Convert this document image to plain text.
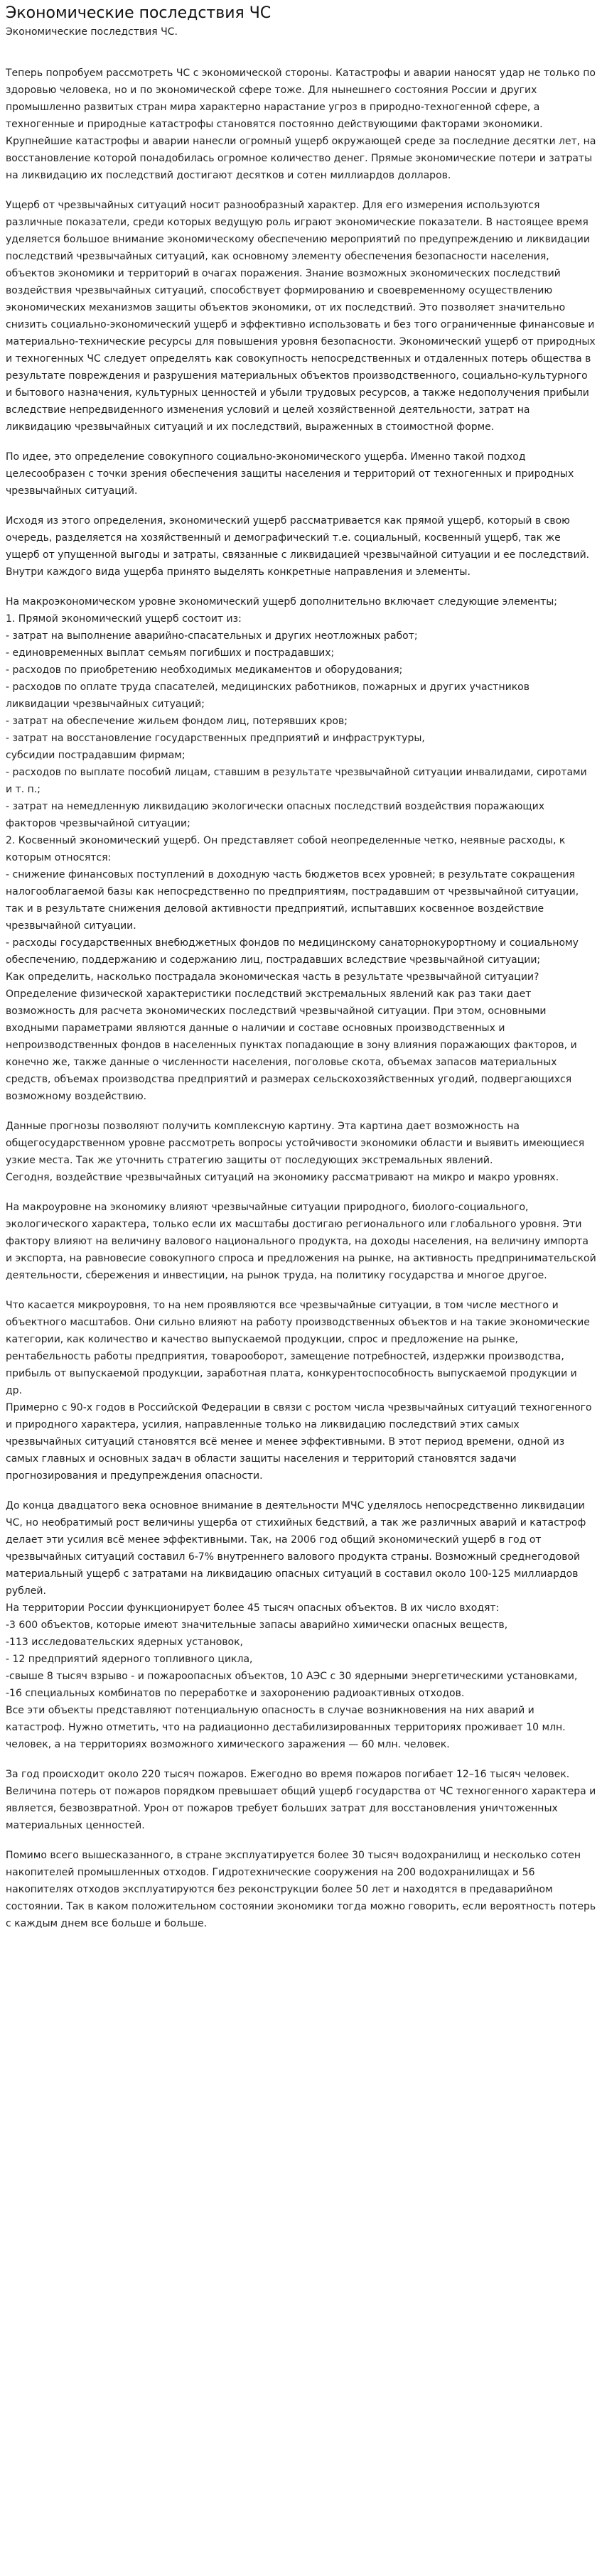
Экономические последствия ЧС
Экономические последствия ЧС.

Теперь попробуем рассмотреть ЧС с экономической стороны. Катастрофы и аварии наносят удар не только по здоровью человека, но и по экономической сфере тоже. Для нынешнего состояния России и других промышленно развитых стран мира характерно нарастание угроз в природно-техногенной сфере, а техногенные и природные катастрофы становятся постоянно действующими факторами экономики. Крупнейшие катастрофы и аварии нанесли огромный ущерб окружающей среде за последние десятки лет, на восстановление которой понадобилась огромное количество денег. Прямые экономические потери и затраты на ликвидацию их последствий достигают десятков и сотен миллиардов долларов.

Ущерб от чрезвычайных ситуаций носит разнообразный характер. Для его измерения используются различные показатели, среди которых ведущую роль играют экономические показатели. В настоящее время уделяется большое внимание экономическому обеспечению мероприятий по предупреждению и ликвидации последствий чрезвычайных ситуаций, как основному элементу обеспечения безопасности населения, объектов экономики и территорий в очагах поражения. Знание возможных экономических последствий воздействия чрезвычайных ситуаций, способствует формированию и своевременному осуществлению экономических механизмов защиты объектов экономики, от их последствий. Это позволяет значительно снизить социально-экономический ущерб и эффективно использовать и без того ограниченные финансовые и материально-технические ресурсы для повышения уровня безопасности. Экономический ущерб от природных и техногенных ЧС следует определять как совокупность непосредственных и отдаленных потерь общества в результате повреждения и разрушения материальных объектов производственного, социально-культурного и бытового назначения, культурных ценностей и убыли трудовых ресурсов, а также недополучения прибыли вследствие непредвиденного изменения условий и целей хозяйственной деятельности, затрат на ликвидацию чрезвычайных ситуаций и их последствий, выраженных в стоимостной форме.

По идее, это определение совокупного социально-экономического ущерба. Именно такой подход целесообразен с точки зрения обеспечения защиты населения и территорий от техногенных и природных чрезвычайных ситуаций.

Исходя из этого определения, экономический ущерб рассматривается как прямой ущерб, который в свою очередь, разделяется на хозяйственный и демографический т.е. социальный, косвенный ущерб, так же ущерб от упущенной выгоды и затраты, связанные с ликвидацией чрезвычайной ситуации и ее последствий. Внутри каждого вида ущерба принято выделять конкретные направления и элементы.

На макроэкономическом уровне экономический ущерб дополнительно включает следующие элементы;
1. Прямой экономический ущерб состоит из:
- затрат на выполнение аварийно-спасательных и других неотложных работ;
- единовременных выплат семьям погибших и пострадавших;
- расходов по приобретению необходимых медикаментов и оборудования;
- расходов по оплате труда спасателей, медицинских работников, пожарных и других участников ликвидации чрезвычайных ситуаций;
- затрат на обеспечение жильем фондом лиц, потерявших кров;
- затрат на восстановление государственных предприятий и инфраструктуры,
субсидии пострадавшим фирмам;
- расходов по выплате пособий лицам, ставшим в результате чрезвычайной ситуации инвалидами, сиротами и т. п.;
- затрат на немедленную ликвидацию экологически опасных последствий воздействия поражающих факторов чрезвычайной ситуации;
2. Косвенный экономический ущерб. Он представляет собой неопределенные четко, неявные расходы, к которым относятся:
- снижение финансовых поступлений в доходную часть бюджетов всех уровней; в результате сокращения налогооблагаемой базы как непосредственно по предприятиям, пострадавшим от чрезвычайной ситуации, так и в результате снижения деловой активности предприятий, испытавших косвенное воздействие чрезвычайной ситуации.
- расходы государственных внебюджетных фондов по медицинскому санаторнокурортному и социальному обеспечению, поддержанию и содержанию лиц, пострадавших вследствие чрезвычайной ситуации;
Как определить, насколько пострадала экономическая часть в результате чрезвычайной ситуации? Определение физической характеристики последствий экстремальных явлений как раз таки дает возможность для расчета экономических последствий чрезвычайной ситуации. При этом, основными входными параметрами являются данные о наличии и составе основных производственных и непроизводственных фондов в населенных пунктах попадающие в зону влияния поражающих факторов, и конечно же, также данные о численности населения, поголовье скота, объемах запасов материальных средств, объемах производства предприятий и размерах сельскохозяйственных угодий, подвергающихся возможному воздействию.

Данные прогнозы позволяют получить комплексную картину. Эта картина дает возможность на общегосударственном уровне рассмотреть вопросы устойчивости экономики области и выявить имеющиеся узкие места. Так же уточнить стратегию защиты от последующих экстремальных явлений.
Сегодня, воздействие чрезвычайных ситуаций на экономику рассматривают на микро и макро уровнях.

На макроуровне на экономику влияют чрезвычайные ситуации природного, биолого-социального, экологического характера, только если их масштабы достигаю регионального или глобального уровня. Эти фактору влияют на величину валового национального продукта, на доходы населения, на величину импорта и экспорта, на равновесие совокупного спроса и предложения на рынке, на активность предпринимательской деятельности, сбережения и инвестиции, на рынок труда, на политику государства и многое другое.

Что касается микроуровня, то на нем проявляются все чрезвычайные ситуации, в том числе местного и объектного масштабов. Они сильно влияют на работу производственных объектов и на такие экономические категории, как количество и качество выпускаемой продукции, спрос и предложение на рынке, рентабельность работы предприятия, товарооборот, замещение потребностей, издержки производства, прибыль от выпускаемой продукции, заработная плата, конкурентоспособность выпускаемой продукции и др.
Примерно с 90-х годов в Российской Федерации в связи с ростом числа чрезвычайных ситуаций техногенного и природного характера, усилия, направленные только на ликвидацию последствий этих самых чрезвычайных ситуаций становятся всё менее и менее эффективными. В этот период времени, одной из самых главных и основных задач в области защиты населения и территорий становятся задачи прогнозирования и предупреждения опасности.

До конца двадцатого века основное внимание в деятельности МЧС уделялось непосредственно ликвидации ЧС, но необратимый рост величины ущерба от стихийных бедствий, а так же различных аварий и катастроф делает эти усилия всё менее эффективными. Так, на 2006 год общий экономический ущерб в год от чрезвычайных ситуаций составил 6-7% внутреннего валового продукта страны. Возможный среднегодовой материальный ущерб с затратами на ликвидацию опасных ситуаций в составил около 100-125 миллиардов рублей.
На территории России функционирует более 45 тысяч опасных объектов. В их число входят:
-3 600 объектов, которые имеют значительные запасы аварийно химически опасных веществ,
-113 исследовательских ядерных установок,
- 12 предприятий ядерного топливного цикла,
-свыше 8 тысяч взрыво - и пожароопасных объектов, 10 АЭС с 30 ядерными энергетическими установками,
-16 специальных комбинатов по переработке и захоронению радиоактивных отходов.
Все эти объекты представляют потенциальную опасность в случае возникновения на них аварий и катастроф. Нужно отметить, что на радиационно дестабилизированных территориях проживает 10 млн. человек, а на территориях возможного химического заражения — 60 млн. человек.

За год происходит около 220 тысяч пожаров. Ежегодно во время пожаров погибает 12–16 тысяч человек. Величина потерь от пожаров порядком превышает общий ущерб государства от ЧС техногенного характера и является, безвозвратной. Урон от пожаров требует больших затрат для восстановления уничтоженных материальных ценностей.

Помимо всего вышесказанного, в стране эксплуатируется более 30 тысяч водохранилищ и несколько сотен накопителей промышленных отходов. Гидротехнические сооружения на 200 водохранилищах и 56 накопителях отходов эксплуатируются без реконструкции более 50 лет и находятся в предаварийном состоянии. Так в каком положительном состоянии экономики тогда можно говорить, если вероятность потерь с каждым днем все больше и больше.
